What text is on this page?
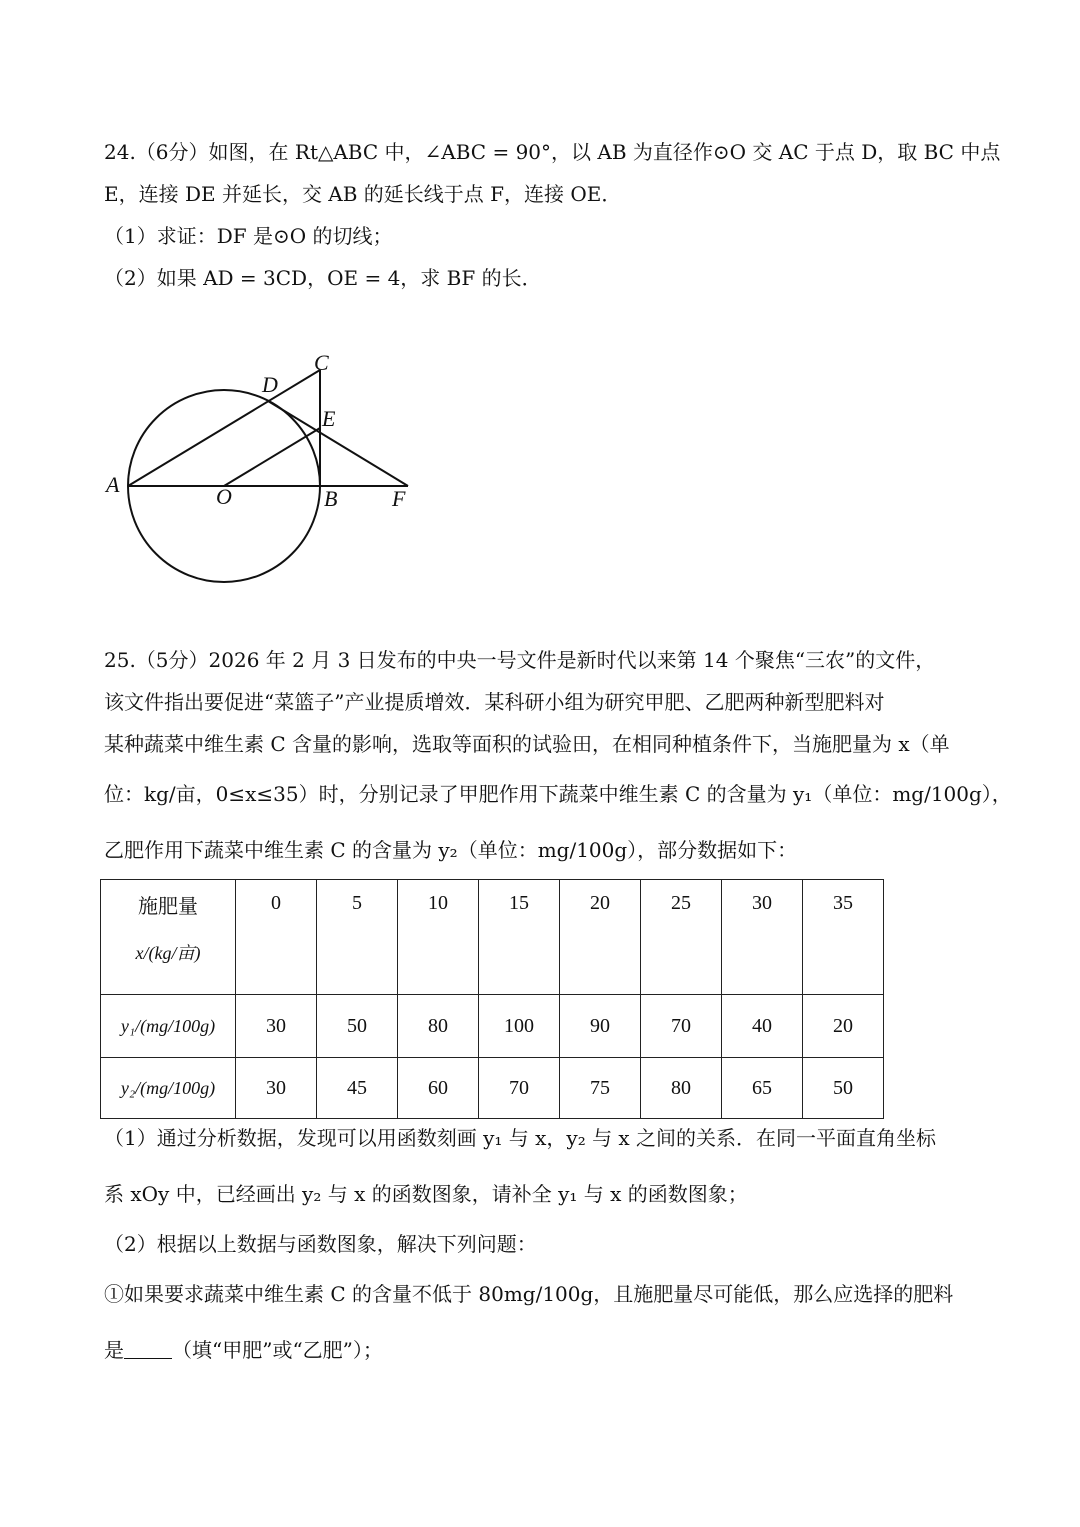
24.（6分）如图，在 Rt△ABC 中，∠ABC = 90°，以 AB 为直径作⊙O 交 AC 于点 D，取 BC 中点
E，连接 DE 并延长，交 AB 的延长线于点 F，连接 OE．
（1）求证：DF 是⊙O 的切线；
（2）如果 AD = 3CD，OE = 4，求 BF 的长．
A	O	B F
C
D
E
25.（5分）2026 年 2 月 3 日发布的中央一号文件是新时代以来第 14 个聚焦“三农”的文件，
该文件指出要促进“菜篮子”产业提质增效．某科研小组为研究甲肥、乙肥两种新型肥料对
某种蔬菜中维生素 C 含量的影响，选取等面积的试验田，在相同种植条件下，当施肥量为 x（单
位：kg/亩，0≤x≤35）时，分别记录了甲肥作用下蔬菜中维生素 C 的含量为 y₁（单位：mg/100g），
乙肥作用下蔬菜中维生素 C 的含量为 y₂（单位：mg/100g），部分数据如下：
施肥量
x/(kg/亩)	0	5	10	15	20	25	30	35
y₁/(mg/100g)	30	50	80	100	90	70	40	20
y₂/(mg/100g)	30	45	60	70	75	80	65	50
（1）通过分析数据，发现可以用函数刻画 y₁ 与 x，y₂ 与 x 之间的关系．在同一平面直角坐标
系 xOy 中，已经画出 y₂ 与 x 的函数图象，请补全 y₁ 与 x 的函数图象；
（2）根据以上数据与函数图象，解决下列问题：
①如果要求蔬菜中维生素 C 的含量不低于 80mg/100g，且施肥量尽可能低，那么应选择的肥料
是 （填“甲肥”或“乙肥”）；
